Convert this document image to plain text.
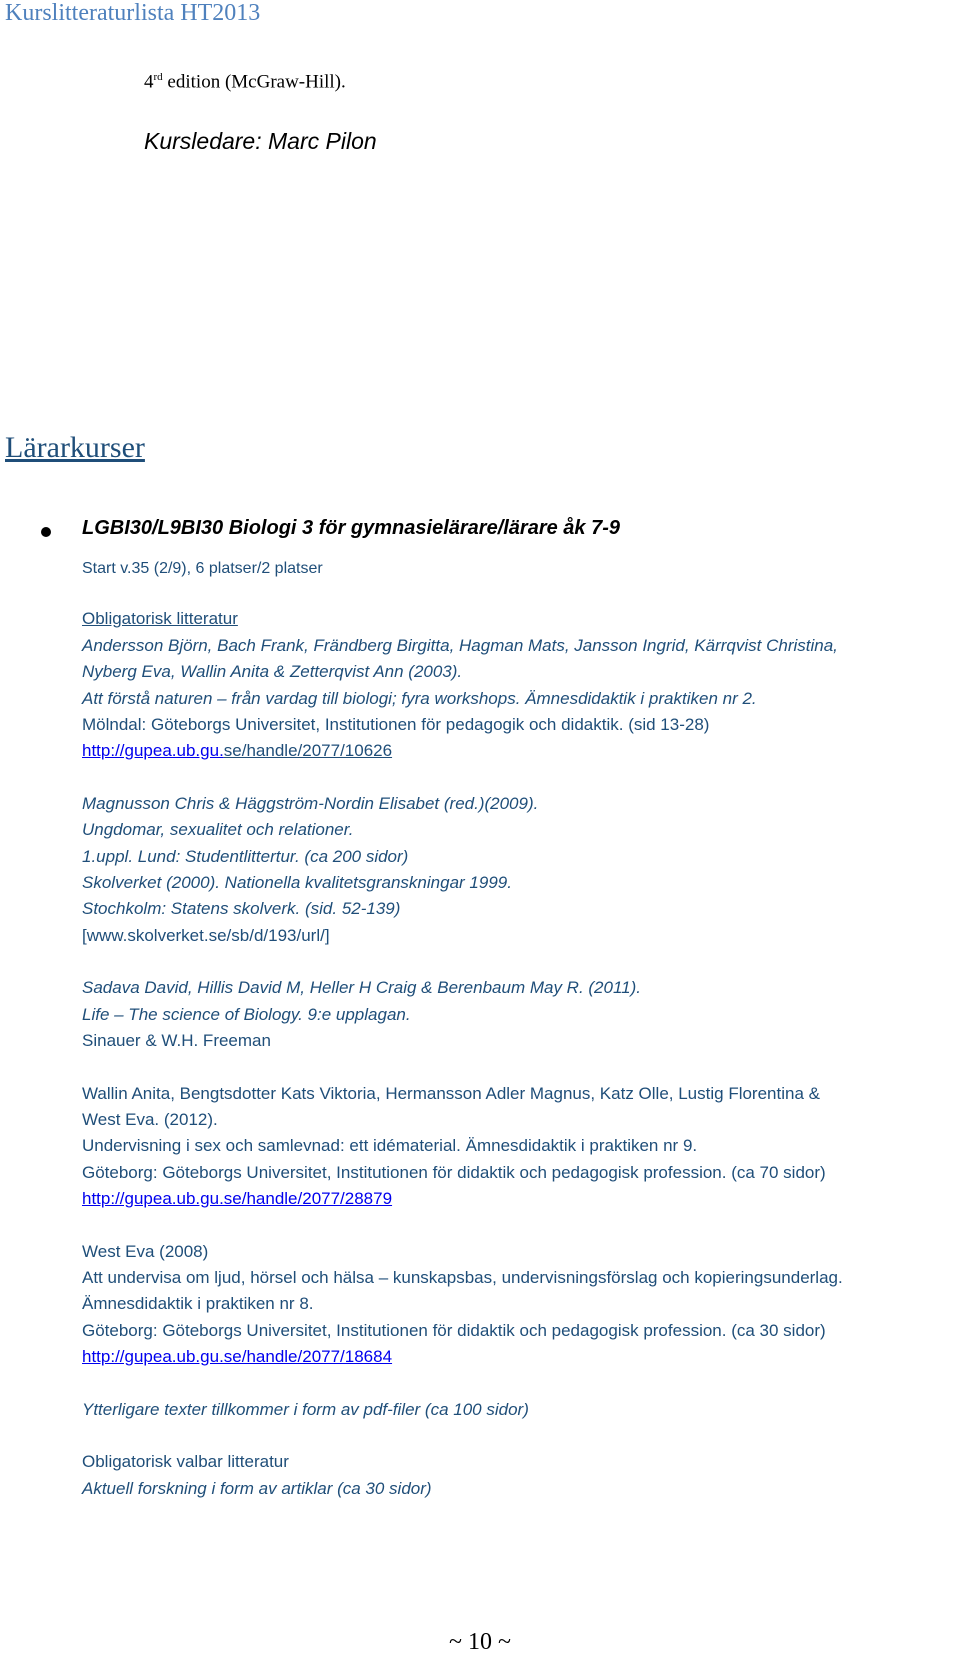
Kurslitteraturlista HT2013
4rd edition (McGraw-Hill).
Kursledare: Marc Pilon
Lärarkurser
LGBI30/L9BI30 Biologi 3 för gymnasielärare/lärare åk 7-9
Start v.35 (2/9), 6 platser/2 platser
Obligatorisk litteratur
Andersson Björn, Bach Frank, Frändberg Birgitta, Hagman Mats, Jansson Ingrid, Kärrqvist Christina,
Nyberg Eva, Wallin Anita & Zetterqvist Ann (2003).
Att förstå naturen – från vardag till biologi; fyra workshops. Ämnesdidaktik i praktiken nr 2.
Mölndal: Göteborgs Universitet, Institutionen för pedagogik och didaktik. (sid 13-28)
http://gupea.ub.gu.se/handle/2077/10626
Magnusson Chris & Häggström-Nordin Elisabet (red.)(2009).
Ungdomar, sexualitet och relationer.
1.uppl. Lund: Studentlittertur. (ca 200 sidor)
Skolverket (2000). Nationella kvalitetsgranskningar 1999.
Stochkolm: Statens skolverk. (sid. 52-139)
[www.skolverket.se/sb/d/193/url/]
Sadava David, Hillis David M, Heller H Craig & Berenbaum May R. (2011).
Life – The science of Biology. 9:e upplagan.
Sinauer & W.H. Freeman
Wallin Anita, Bengtsdotter Kats Viktoria, Hermansson Adler Magnus, Katz Olle, Lustig Florentina &
West Eva. (2012).
Undervisning i sex och samlevnad: ett idématerial. Ämnesdidaktik i praktiken nr 9.
Göteborg: Göteborgs Universitet, Institutionen för didaktik och pedagogisk profession. (ca 70 sidor)
http://gupea.ub.gu.se/handle/2077/28879
West Eva (2008)
Att undervisa om ljud, hörsel och hälsa – kunskapsbas, undervisningsförslag och kopieringsunderlag.
Ämnesdidaktik i praktiken nr 8.
Göteborg: Göteborgs Universitet, Institutionen för didaktik och pedagogisk profession. (ca 30 sidor)
http://gupea.ub.gu.se/handle/2077/18684
Ytterligare texter tillkommer i form av pdf-filer (ca 100 sidor)
Obligatorisk valbar litteratur
Aktuell forskning i form av artiklar (ca 30 sidor)
~ 10 ~
